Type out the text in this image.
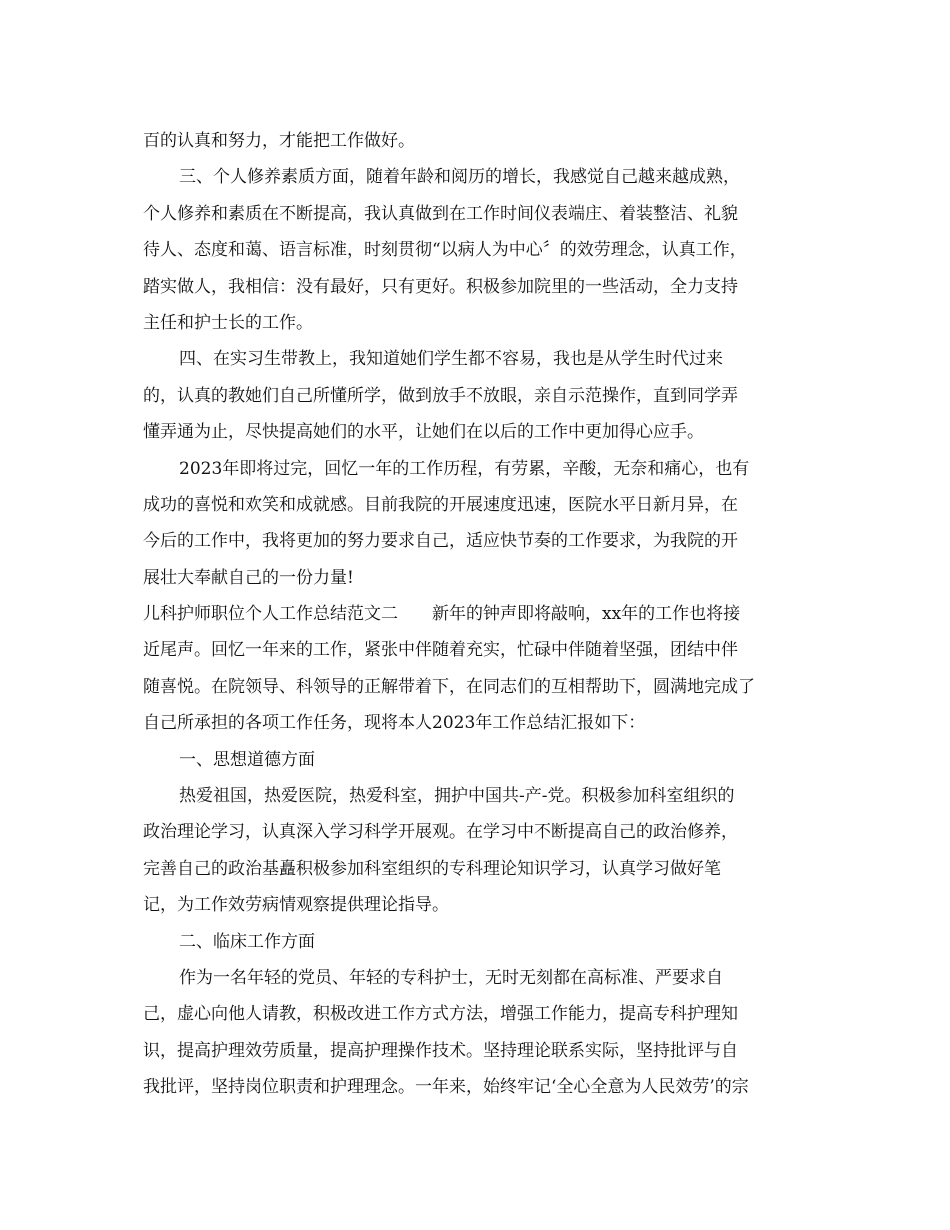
百的认真和努力，才能把工作做好。
三、个人修养素质方面，随着年龄和阅历的增长，我感觉自己越来越成熟，
个人修养和素质在不断提高，我认真做到在工作时间仪表端庄、着装整洁、礼貌
待人、态度和蔼、语言标准，时刻贯彻“以病人为中心〞的效劳理念，认真工作，
踏实做人，我相信：没有最好，只有更好。积极参加院里的一些活动，全力支持
主任和护士长的工作。
四、在实习生带教上，我知道她们学生都不容易，我也是从学生时代过来
的，认真的教她们自己所懂所学，做到放手不放眼，亲自示范操作，直到同学弄
懂弄通为止，尽快提高她们的水平，让她们在以后的工作中更加得心应手。
2023年即将过完，回忆一年的工作历程，有劳累，辛酸，无奈和痛心，也有
成功的喜悦和欢笑和成就感。目前我院的开展速度迅速，医院水平日新月异，在
今后的工作中，我将更加的努力要求自己，适应快节奏的工作要求，为我院的开
展壮大奉献自己的一份力量!
儿科护师职位个人工作总结范文二　　新年的钟声即将敲响，xx年的工作也将接
近尾声。回忆一年来的工作，紧张中伴随着充实，忙碌中伴随着坚强，团结中伴
随喜悦。在院领导、科领导的正解带着下，在同志们的互相帮助下，圆满地完成了
自己所承担的各项工作任务，现将本人2023年工作总结汇报如下：
一、思想道德方面
热爱祖国，热爱医院，热爱科室，拥护中国共-产-党。积极参加科室组织的
政治理论学习，认真深入学习科学开展观。在学习中不断提高自己的政治修养，
完善自己的政治基矗积极参加科室组织的专科理论知识学习，认真学习做好笔
记，为工作效劳病情观察提供理论指导。
二、临床工作方面
作为一名年轻的党员、年轻的专科护士，无时无刻都在高标准、严要求自
己，虚心向他人请教，积极改进工作方式方法，增强工作能力，提高专科护理知
识，提高护理效劳质量，提高护理操作技术。坚持理论联系实际，坚持批评与自
我批评，坚持岗位职责和护理理念。一年来，始终牢记‘全心全意为人民效劳’的宗
